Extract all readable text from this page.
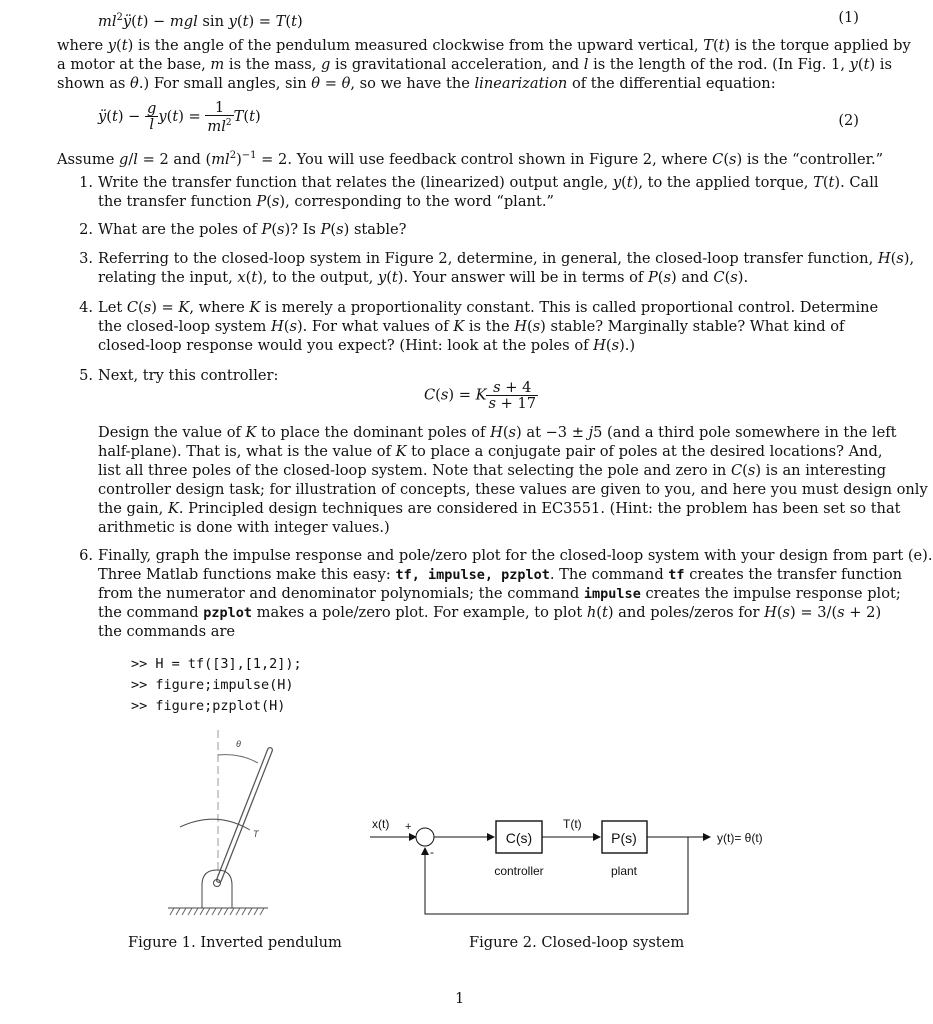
$ml^2ÿ(t)$ − mgl sin y(t) = T(t)	(1)
where y(t) is the angle of the pendulum measured clockwise from the upward vertical, T(t) is the torque applied by
a motor at the base, m is the mass, g is gravitational acceleration, and l is the length of the rod. (In Fig. 1, y(t) is
shown as θ.) For small angles, sin θ = θ, so we have the linearization of the differential equation:
ÿ(t) − $\frac{g}{l} y(t) = \frac{1}{ml^2} T(t)$	(2)
Assume g/l = 2 and $(ml^2)^{-1} = 2$. You will use feedback control shown in Figure 2, where C(s) is the “controller.”
1. Write the transfer function that relates the (linearized) output angle, y(t), to the applied torque, T(t). Call
the transfer function P(s), corresponding to the word “plant.”
2. What are the poles of P(s)? Is P(s) stable?
3. Referring to the closed-loop system in Figure 2, determine, in general, the closed-loop transfer function, H(s),
relating the input, x(t), to the output, y(t). Your answer will be in terms of P(s) and C(s).
4. Let C(s) = K, where K is merely a proportionality constant. This is called proportional control. Determine
the closed-loop system H(s). For what values of K is the H(s) stable? Marginally stable? What kind of
closed-loop response would you expect? (Hint: look at the poles of H(s).)
5. Next, try this controller:
C(s) = K $\frac{s + 4}{s + 17}$
Design the value of K to place the dominant poles of H(s) at −3 ± j5 (and a third pole somewhere in the left
half-plane). That is, what is the value of K to place a conjugate pair of poles at the desired locations? And,
list all three poles of the closed-loop system. Note that selecting the pole and zero in C(s) is an interesting
controller design task; for illustration of concepts, these values are given to you, and here you must design only
the gain, K. Principled design techniques are considered in EC3551. (Hint: the problem has been set so that
arithmetic is done with integer values.)
6. Finally, graph the impulse response and pole/zero plot for the closed-loop system with your design from part (e).
Three Matlab functions make this easy: tf, impulse, pzplot. The command tf creates the transfer function
from the numerator and denominator polynomials; the command impulse creates the impulse response plot;
the command pzplot makes a pole/zero plot. For example, to plot h(t) and poles/zeros for H(s) = 3/(s + 2)
the commands are
>> H = tf([3],[1,2]);
>> figure;impulse(H)
>> figure;pzplot(H)
θ
T
Figure 1. Inverted pendulum
x(t) +
-
C(s)
controller
T(t)
P(s)
plant
y(t)= θ(t)
Figure 2. Closed-loop system
1
